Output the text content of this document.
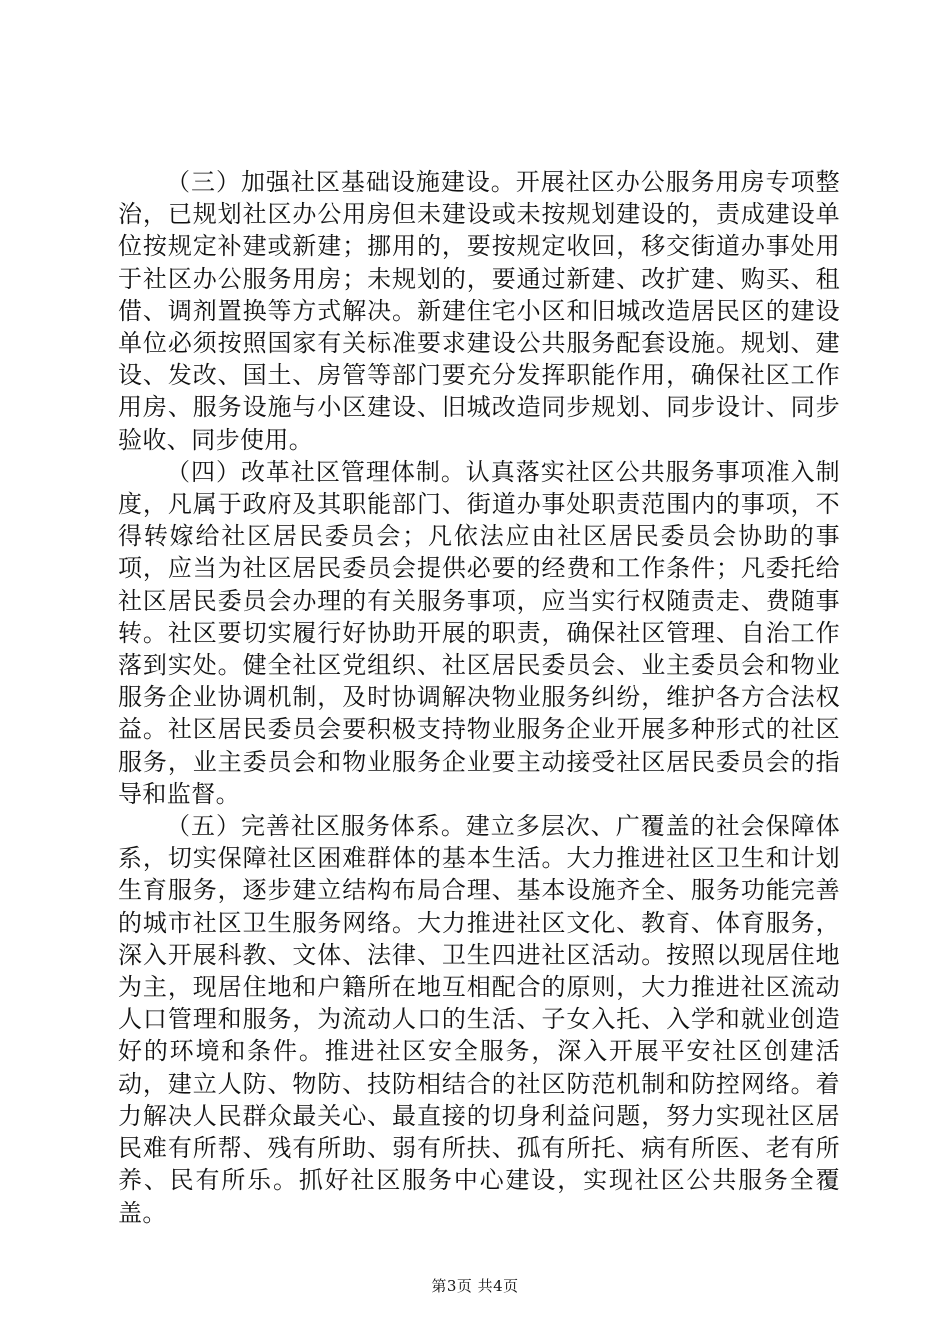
（三）加强社区基础设施建设。开展社区办公服务用房专项整治，已规划社区办公用房但未建设或未按规划建设的，责成建设单位按规定补建或新建；挪用的，要按规定收回，移交街道办事处用于社区办公服务用房；未规划的，要通过新建、改扩建、购买、租借、调剂置换等方式解决。新建住宅小区和旧城改造居民区的建设单位必须按照国家有关标准要求建设公共服务配套设施。规划、建设、发改、国土、房管等部门要充分发挥职能作用，确保社区工作用房、服务设施与小区建设、旧城改造同步规划、同步设计、同步验收、同步使用。

（四）改革社区管理体制。认真落实社区公共服务事项准入制度，凡属于政府及其职能部门、街道办事处职责范围内的事项，不得转嫁给社区居民委员会；凡依法应由社区居民委员会协助的事项，应当为社区居民委员会提供必要的经费和工作条件；凡委托给社区居民委员会办理的有关服务事项，应当实行权随责走、费随事转。社区要切实履行好协助开展的职责，确保社区管理、自治工作落到实处。健全社区党组织、社区居民委员会、业主委员会和物业服务企业协调机制，及时协调解决物业服务纠纷，维护各方合法权益。社区居民委员会要积极支持物业服务企业开展多种形式的社区服务，业主委员会和物业服务企业要主动接受社区居民委员会的指导和监督。

（五）完善社区服务体系。建立多层次、广覆盖的社会保障体系，切实保障社区困难群体的基本生活。大力推进社区卫生和计划生育服务，逐步建立结构布局合理、基本设施齐全、服务功能完善的城市社区卫生服务网络。大力推进社区文化、教育、体育服务，深入开展科教、文体、法律、卫生四进社区活动。按照以现居住地为主，现居住地和户籍所在地互相配合的原则，大力推进社区流动人口管理和服务，为流动人口的生活、子女入托、入学和就业创造好的环境和条件。推进社区安全服务，深入开展平安社区创建活动，建立人防、物防、技防相结合的社区防范机制和防控网络。着力解决人民群众最关心、最直接的切身利益问题，努力实现社区居民难有所帮、残有所助、弱有所扶、孤有所托、病有所医、老有所养、民有所乐。抓好社区服务中心建设，实现社区公共服务全覆盖。

第3页 共4页
